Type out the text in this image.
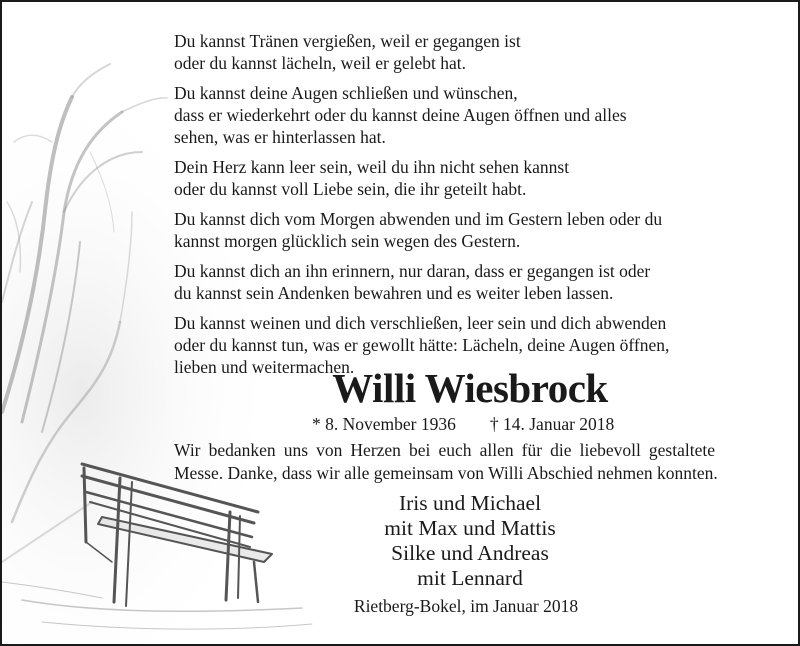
Du kannst Tränen vergießen, weil er gegangen ist
oder du kannst lächeln, weil er gelebt hat.

Du kannst deine Augen schließen und wünschen,
dass er wiederkehrt oder du kannst deine Augen öffnen und alles
sehen, was er hinterlassen hat.

Dein Herz kann leer sein, weil du ihn nicht sehen kannst
oder du kannst voll Liebe sein, die ihr geteilt habt.

Du kannst dich vom Morgen abwenden und im Gestern leben oder du
kannst morgen glücklich sein wegen des Gestern.

Du kannst dich an ihn erinnern, nur daran, dass er gegangen ist oder
du kannst sein Andenken bewahren und es weiter leben lassen.

Du kannst weinen und dich verschließen, leer sein und dich abwenden
oder du kannst tun, was er gewollt hätte: Lächeln, deine Augen öffnen,
lieben und weitermachen.

Willi Wiesbrock
* 8. November 1936 † 14. Januar 2018
Wir bedanken uns von Herzen bei euch allen für die liebevoll gestaltete
Messe. Danke, dass wir alle gemeinsam von Willi Abschied nehmen konnten.
Iris und Michael
mit Max und Mattis
Silke und Andreas
mit Lennard
Rietberg-Bokel, im Januar 2018
